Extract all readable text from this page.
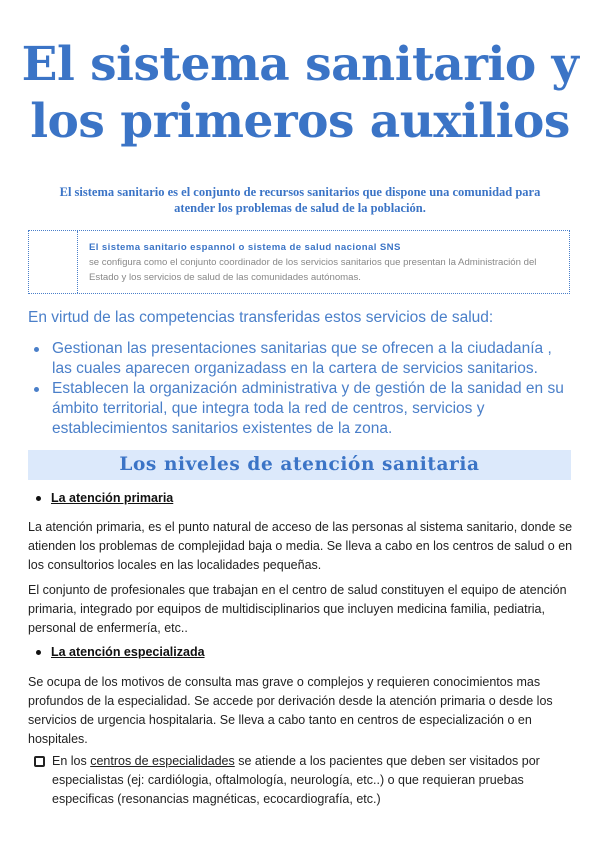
El sistema sanitario y
los primeros auxilios
El sistema sanitario es el conjunto de recursos sanitarios que dispone una comunidad para atender los problemas de salud de la población.
El sistema sanitario espannol o sistema de salud nacional SNS
se configura como el conjunto coordinador de los servicios sanitarios que presentan la Administración del Estado y los servicios de salud de las comunidades autónomas.
En virtud de las competencias transferidas estos servicios de salud:
Gestionan las presentaciones sanitarias que se ofrecen a la ciudadanía , las cuales aparecen organizadass en la cartera de servicios sanitarios.
Establecen la organización administrativa y de gestión de la sanidad en su ámbito territorial, que integra toda la red de centros, servicios y establecimientos sanitarios existentes de la zona.
Los niveles de atención sanitaria
La atención primaria
La atención primaria, es el punto natural de acceso de las personas al sistema sanitario, donde se atienden los problemas de complejidad baja o media. Se lleva a cabo en los centros de salud o en los consultorios locales en las localidades pequeñas.
El conjunto de profesionales que trabajan en el centro de salud constituyen el equipo de atención primaria, integrado por equipos de multidisciplinarios que incluyen medicina familia, pediatria, personal de enfermería, etc..
La atención especializada
Se ocupa de los motivos de consulta mas grave o complejos y requieren conocimientos mas profundos de la especialidad. Se accede por derivación desde la atención primaria o desde los servicios de urgencia hospitalaria. Se lleva a cabo tanto en centros de especialización o en hospitales.
En los centros de especialidades se atiende a los pacientes que deben ser visitados por especialistas (ej: cardiólogia, oftalmología, neurología, etc..) o que requieran pruebas especificas (resonancias magnéticas, ecocardiografía, etc.)
